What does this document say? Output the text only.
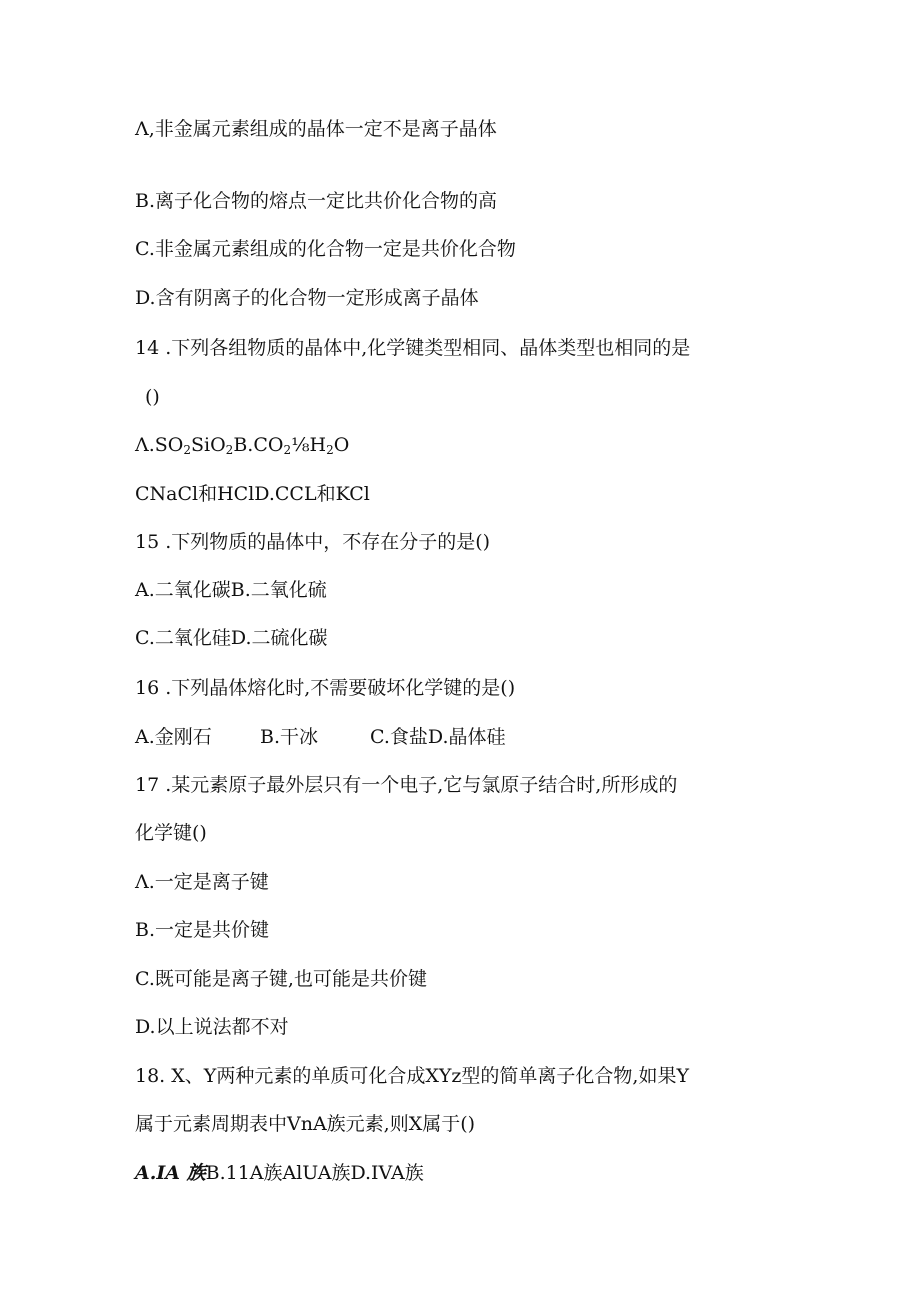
Λ,非金属元素组成的晶体一定不是离子晶体
B.离子化合物的熔点一定比共价化合物的高
C.非金属元素组成的化合物一定是共价化合物
D.含有阴离子的化合物一定形成离子晶体
14 .下列各组物质的晶体中,化学键类型相同、晶体类型也相同的是
()
$\Lambda.SO_2SiO_2B.CO_2\frac{1}{8}H_2O$
CNaCl和HClD.CCL和KCl
15 .下列物质的晶体中，不存在分子的是()
A.二氧化碳B.二氧化硫
C.二氧化硅D.二硫化碳
16 .下列晶体熔化时,不需要破坏化学键的是()
A.金刚石	B.干冰	C.食盐D.晶体硅
17 .某元素原子最外层只有一个电子,它与氯原子结合时,所形成的
化学键()
Λ.一定是离子键
B.一定是共价键
C.既可能是离子键,也可能是共价键
D.以上说法都不对
18. X、Y两种元素的单质可化合成XYz型的简单离子化合物,如果Y
属于元素周期表中VnA族元素,则X属于()
A.IA 族B.11A族AlUA族D.IVA族
